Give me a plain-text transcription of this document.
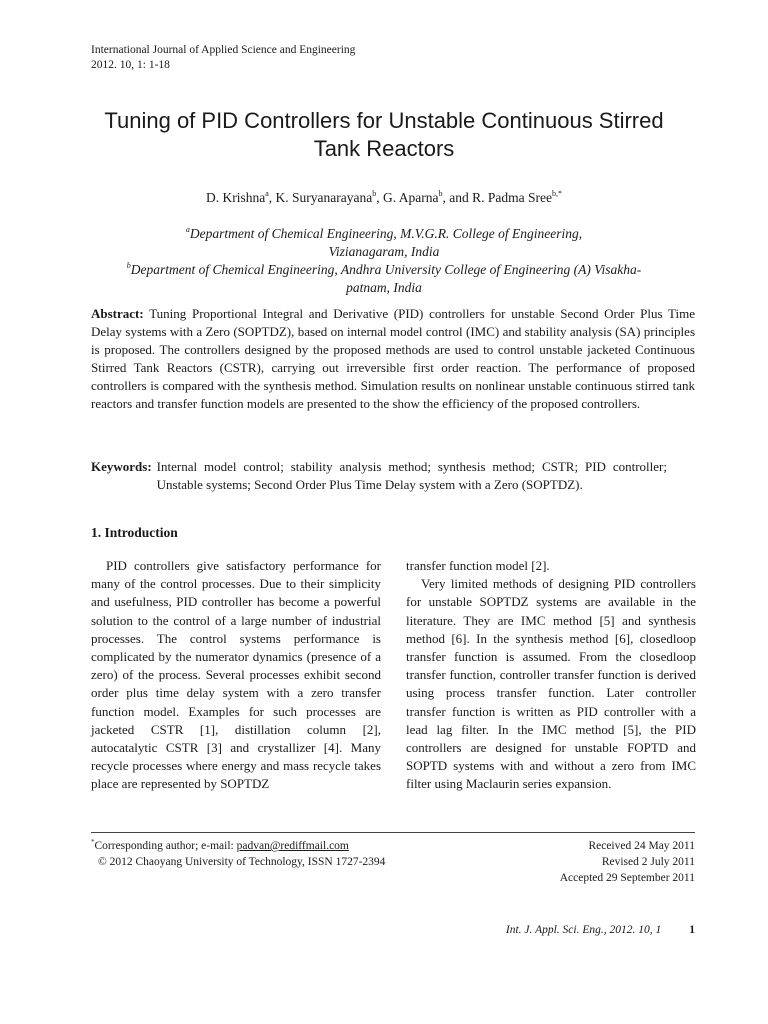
International Journal of Applied Science and Engineering
2012. 10, 1: 1-18
Tuning of PID Controllers for Unstable Continuous Stirred
Tank Reactors
D. Krishna$^a$, K. Suryanarayana$^b$, G. Aparna$^b$, and R. Padma Sree$^{b,*}$
$^a$Department of Chemical Engineering, M.V.G.R. College of Engineering,
Vizianagaram, India
$^b$Department of Chemical Engineering, Andhra University College of Engineering (A) Visakha-
patnam, India
Abstract: Tuning Proportional Integral and Derivative (PID) controllers for unstable Second Order Plus Time Delay systems with a Zero (SOPTDZ), based on internal model control (IMC) and stability analysis (SA) principles is proposed. The controllers designed by the proposed methods are used to control unstable jacketed Continuous Stirred Tank Reactors (CSTR), carrying out irreversible first order reaction. The performance of proposed controllers is compared with the synthesis method. Simulation results on nonlinear unstable continuous stirred tank reactors and transfer function models are presented to the show the efficiency of the proposed controllers.
Keywords: Internal model control; stability analysis method; synthesis method; CSTR; PID controller; Unstable systems; Second Order Plus Time Delay system with a Zero (SOPTDZ).
1. Introduction

PID controllers give satisfactory performance for many of the control processes. Due to their simplicity and usefulness, PID controller has become a powerful solution to the control of a large number of industrial processes. The control systems performance is complicated by the numerator dynamics (presence of a zero) of the process. Several processes exhibit second order plus time delay system with a zero transfer function model. Examples for such processes are jacketed CSTR [1], distillation column [2], autocatalytic CSTR [3] and crystallizer [4]. Many recycle processes where energy and mass recycle takes place are represented by SOPTDZ

transfer function model [2].

Very limited methods of designing PID controllers for unstable SOPTDZ systems are available in the literature. They are IMC method [5] and synthesis method [6]. In the synthesis method [6], closedloop transfer function is assumed. From the closedloop transfer function, controller transfer function is derived using process transfer function. Later controller transfer function is written as PID controller with a lead lag filter. In the IMC method [5], the PID controllers are designed for unstable FOPTD and SOPTD systems with and without a zero from IMC filter using Maclaurin series expansion.

*Corresponding author; e-mail: padvan@rediffmail.com
© 2012 Chaoyang University of Technology, ISSN 1727-2394
Received 24 May 2011
Revised 2 July 2011
Accepted 29 September 2011
Int. J. Appl. Sci. Eng., 2012. 10, 1 1
